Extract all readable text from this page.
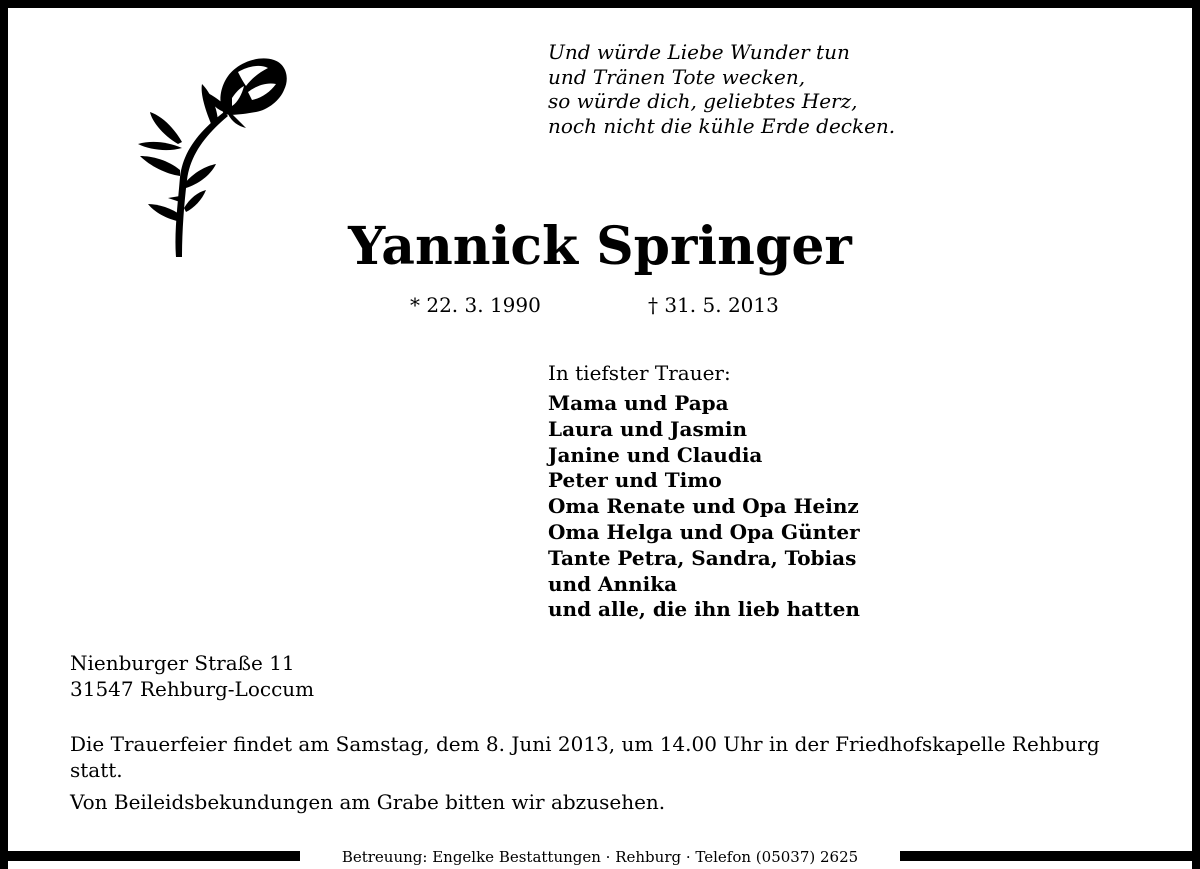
Und würde Liebe Wunder tun
und Tränen Tote wecken,
so würde dich, geliebtes Herz,
noch nicht die kühle Erde decken.
Yannick Springer
* 22. 3. 1990	† 31. 5. 2013
In tiefster Trauer:
Mama und Papa
Laura und Jasmin
Janine und Claudia
Peter und Timo
Oma Renate und Opa Heinz
Oma Helga und Opa Günter
Tante Petra, Sandra, Tobias
und Annika
und alle, die ihn lieb hatten
Nienburger Straße 11
31547 Rehburg-Loccum
Die Trauerfeier findet am Samstag, dem 8. Juni 2013, um 14.00 Uhr in der Friedhofskapelle Rehburg statt.
Von Beileidsbekundungen am Grabe bitten wir abzusehen.
Betreuung: Engelke Bestattungen · Rehburg · Telefon (05037) 2625
